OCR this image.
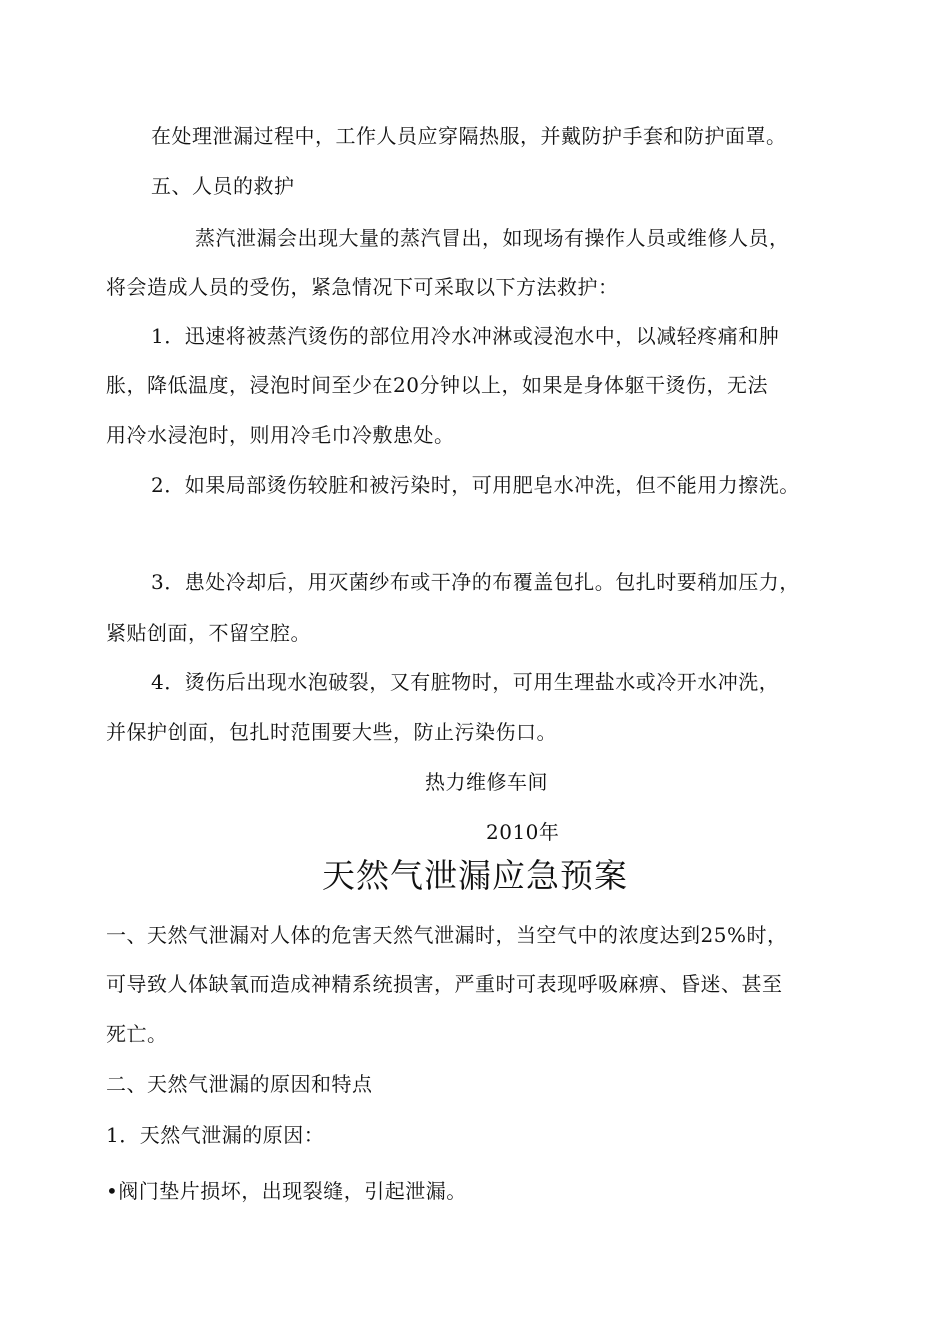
在处理泄漏过程中，工作人员应穿隔热服，并戴防护手套和防护面罩。
五、人员的救护
蒸汽泄漏会出现大量的蒸汽冒出，如现场有操作人员或维修人员，
将会造成人员的受伤，紧急情况下可采取以下方法救护：
1．迅速将被蒸汽烫伤的部位用冷水冲淋或浸泡水中，以减轻疼痛和肿
胀，降低温度，浸泡时间至少在20分钟以上，如果是身体躯干烫伤，无法
用冷水浸泡时，则用冷毛巾冷敷患处。
2．如果局部烫伤较脏和被污染时，可用肥皂水冲洗，但不能用力擦洗。
3．患处冷却后，用灭菌纱布或干净的布覆盖包扎。包扎时要稍加压力，
紧贴创面，不留空腔。
4．烫伤后出现水泡破裂，又有脏物时，可用生理盐水或冷开水冲洗，
并保护创面，包扎时范围要大些，防止污染伤口。
热力维修车间
2010年
天然气泄漏应急预案
一、天然气泄漏对人体的危害天然气泄漏时，当空气中的浓度达到25%时，
可导致人体缺氧而造成神精系统损害，严重时可表现呼吸麻痹、昏迷、甚至
死亡。
二、天然气泄漏的原因和特点
1．天然气泄漏的原因：
•阀门垫片损坏，出现裂缝，引起泄漏。
